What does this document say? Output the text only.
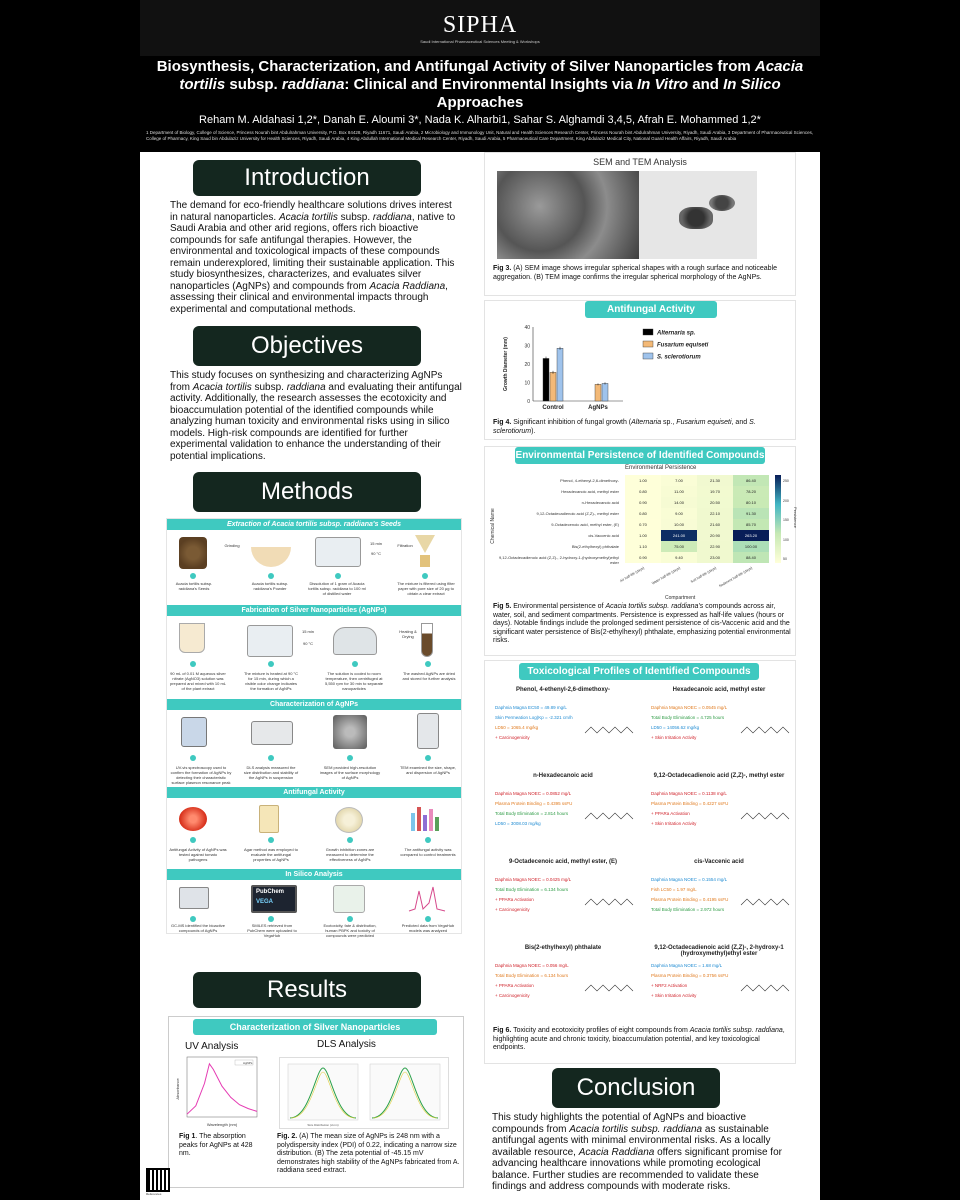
SIPHA
Saudi International Pharmaceutical Sciences Meeting & Workshops
Biosynthesis, Characterization, and Antifungal Activity of Silver Nanoparticles from Acacia tortilis subsp. raddiana: Clinical and Environmental Insights via In Vitro and In Silico Approaches
Reham M. Aldahasi 1,2*, Danah E. Aloumi 3*, Nada K. Alharbi1, Sahar S. Alghamdi 3,4,5, Afrah E. Mohammed 1,2*
1 Department of Biology, College of Science, Princess Nourah bint Abdulrahman University, P.O. Box 84428, Riyadh 11671, Saudi Arabia, 2 Microbiology and Immunology Unit, Natural and Health Sciences Research Center, Princess Nourah bint Abdulrahman University, Riyadh, Saudi Arabia, 3 Department of Pharmaceutical Sciences, College of Pharmacy, King Saud bin Abdulaziz University for Health Sciences, Riyadh, Saudi Arabia, 4 King Abdullah International Medical Research Center, Riyadh, Saudi Arabia, 5 Pharmaceutical Care Department, King Abdulaziz Medical City, National Guard Health Affairs, Riyadh, Saudi Arabia
Introduction
The demand for eco-friendly healthcare solutions drives interest in natural nanoparticles. Acacia tortilis subsp. raddiana, native to Saudi Arabia and other arid regions, offers rich bioactive compounds for safe antifungal therapies. However, the environmental and toxicological impacts of these compounds remain underexplored, limiting their sustainable application. This study biosynthesizes, characterizes, and evaluates silver nanoparticles (AgNPs) and compounds from Acacia Raddiana, assessing their clinical and environmental impacts through experimental and computational methods.
Objectives
This study focuses on synthesizing and characterizing AgNPs from Acacia tortilis subsp. raddiana and evaluating their antifungal activity. Additionally, the research assesses the ecotoxicity and bioaccumulation potential of the identified compounds while analyzing human toxicity and environmental risks using in silico models. High-risk compounds are identified for further experimental validation to enhance the understanding of their potential implications.
Methods
Extraction of Acacia tortilis subsp. raddiana's Seeds
Grinding	Filtration
15 min
90 °C
Acacia tortilis subsp. raddiana's Seeds
Acacia tortilis subsp. raddiana's Powder
Dissolution of 1 gram of Acacia tortilis subsp. raddiana to 100 ml of distilled water
The mixture is filtered using filter paper with pore size of 20 μg to obtain a clear extract
Fabrication of Silver Nanoparticles (AgNPs)
15 min
90 °C
Heating & Drying
90 mL of 0.01 M aqueous silver nitrate (AgNO3) solution was prepared and mixed with 10 mL of the plant extract
The mixture is heated at 90 °C for 15 min, during which a visible color change indicates the formation of AgNPs
The solution is cooled to room temperature, then centrifuged at 5,550 rpm for 30 min to separate nanoparticles
The washed AgNPs are dried and stored for further analysis
Characterization of AgNPs
UV-vis spectroscopy used to confirm the formation of AgNPs by detecting their characteristic surface plasmon resonance peak
DLS analysis measured the size distribution and stability of the AgNPs in suspension
SEM provided high-resolution images of the surface morphology of AgNPs
TEM examined the size, shape, and dispersion of AgNPs
Antifungal Activity
Antifungal Activity of AgNPs was tested against tomato pathogens
Agar method was employed to evaluate the antifungal properties of AgNPs
Growth inhibition zones are measured to determine the effectiveness of AgNPs
The antifungal activity was compared to control treatments
In Silico Analysis
PubChem
VEGA
GC-MS identified the bioactive compounds of AgNPs
SMILES retrieved from PubChem were uploaded to VegaHub
Ecotoxicity, fate & distribution, human PBPK and toxicity of compounds were predicted
Predicted data from VegaHub models was analyzed
Results
Characterization of Silver Nanoparticles
UV Analysis	DLS Analysis
AgNPs
Wavelength (nm)
Absorbance
Size Distribution (d.nm)
Fig 1. The absorption peaks for AgNPs at 428 nm.
Fig. 2. (A) The mean size of AgNPs is 248 nm with a polydispersity index (PDI) of 0.22, indicating a narrow size distribution. (B) The zeta potential of -45.15 mV demonstrates high stability of the AgNPs fabricated from A. raddiana seed extract.
References
SEM and TEM Analysis
Fig 3. (A) SEM image shows irregular spherical shapes with a rough surface and noticeable aggregation. (B) TEM image confirms the irregular spherical morphology of the AgNPs.
Antifungal Activity
0
10
20
30
40
Growth Diameter (mm)
Control	AgNPs
Alternaria sp.
Fusarium equiseti
S. sclerotiorum
Fig 4. Significant inhibition of fungal growth (Alternaria sp., Fusarium equiseti, and S. sclerotiorum).
Environmental Persistence of Identified Compounds
Environmental Persistence
Phenol, 4-ethenyl-2,6-dimethoxy-	1.00	7.00	21.30	86.40
Hexadecanoic acid, methyl ester	0.80	11.00	19.70	78.20
n-Hexadecanoic acid	0.90	14.00	20.50	80.10
9,12-Octadecadienoic acid (Z,Z)-, methyl ester	0.80	9.00	22.10	91.30
9-Octadecenoic acid, methyl ester, (E)	0.70	10.00	21.60	85.70
cis-Vaccenic acid	1.00	241.00	20.90	263.20
Bis(2-ethylhexyl) phthalate	1.10	75.00	22.90	100.00
9,12-Octadecadienoic acid (Z,Z)-, 2-hydroxy-1-(hydroxymethyl)ethyl ester
0.90	9.40	23.00	88.40
Air half-life (days)	Water half-life (days)	Soil half-life (days) Sediment half-life (days)
250
200
150
100
50
Persistence
Chemical Name
Compartment
Fig 5. Environmental persistence of Acacia tortilis subsp. raddiana's compounds across air, water, soil, and sediment compartments. Persistence is expressed as half-life values (hours or days). Notable findings include the prolonged sediment persistence of cis-Vaccenic acid and the significant water persistence of Bis(2-ethylhexyl) phthalate, emphasizing potential environmental risks.
Toxicological Profiles of Identified Compounds
Phenol, 4-ethenyl-2,6-dimethoxy-
Daphnia Magna EC50 = 49.89 mg/L
Skin Permeation Log(Kp = -2.321 cm/h
LD50 = 1065.4 mg/kg
+ Carcinogenicity
Hexadecanoic acid, methyl ester
Daphnia Magna NOEC = 0.0545 mg/L
Total Body Elimination = 4.725 hours
LD50 = 14056.62 mg/kg
+ Skin Irritation Activity
n-Hexadecanoic acid
Daphnia Magna NOEC = 0.0852 mg/L
Plasma Protein Binding = 0.4395 ssFU
Total Body Elimination = 2.814 hours
LD50 = 3008.03 mg/kg
9,12-Octadecadienoic acid (Z,Z)-, methyl ester
Daphnia Magna NOEC = 0.1138 mg/L
Plasma Protein Binding = 0.4227 ssFU
+ PPARa Activation
+ Skin Irritation Activity
9-Octadecenoic acid, methyl ester, (E)
Daphnia Magna NOEC = 0.0425 mg/L
Total Body Elimination = 6.134 hours
+ PPARa Activation
+ Carcinogenicity
cis-Vaccenic acid
Daphnia Magna NOEC = 0.1554 mg/L
Fish LC50 = 1.97 mg/L
Plasma Protein Binding = 0.4195 ssFU
Total Body Elimination = 2.972 hours
Bis(2-ethylhexyl) phthalate
Daphnia Magna NOEC = 0.056 mg/L
Total Body Elimination = 6.134 hours
+ PPARa Activation
+ Carcinogenicity
9,12-Octadecadienoic acid (Z,Z)-, 2-hydroxy-1 (hydroxymethyl)ethyl ester
Daphnia Magna NOEC = 1.68 mg/L
Plasma Protein Binding = 0.3756 ssFU
+ NRF2 Activation
+ Skin Irritation Activity
Fig 6. Toxicity and ecotoxicity profiles of eight compounds from Acacia tortilis subsp. raddiana, highlighting acute and chronic toxicity, bioaccumulation potential, and key toxicological endpoints.
Conclusion
This study highlights the potential of AgNPs and bioactive compounds from Acacia tortilis subsp. raddiana as sustainable antifungal agents with minimal environmental risks. As a locally available resource, Acacia Raddiana offers significant promise for advancing healthcare innovations while promoting ecological balance. Further studies are recommended to validate these findings and address compounds with moderate risks.
